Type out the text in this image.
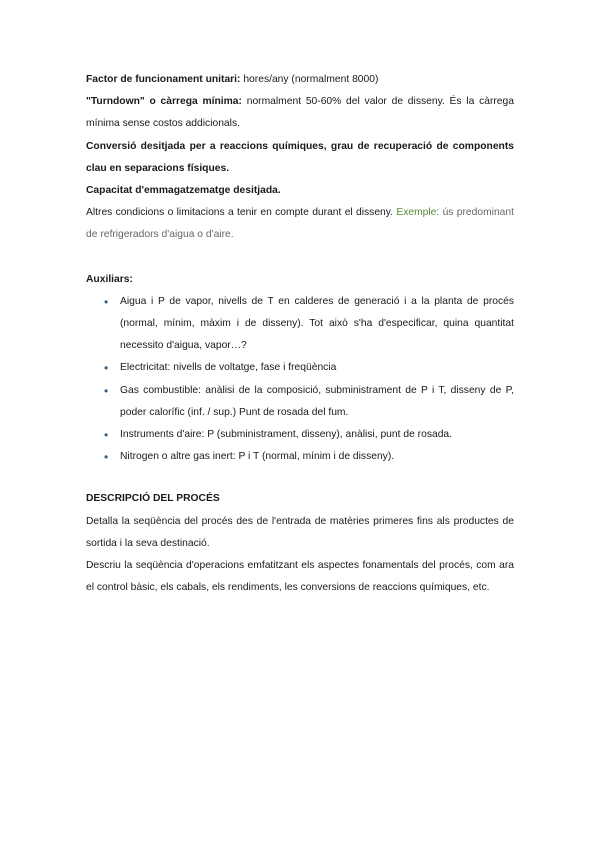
Factor de funcionament unitari: hores/any (normalment 8000)

"Turndown" o càrrega mínima: normalment 50-60% del valor de disseny. És la càrrega mínima sense costos addicionals.

Conversió desitjada per a reaccions químiques, grau de recuperació de components clau en separacions físiques.

Capacitat d'emmagatzematge desitjada.

Altres condicions o limitacions a tenir en compte durant el disseny. Exemple: ús predominant de refrigeradors d'aigua o d'aire.

Auxiliars:

• Aigua i P de vapor, nivells de T en calderes de generació i a la planta de procés (normal, mínim, màxim i de disseny). Tot això s'ha d'especificar, quina quantitat necessito d'aigua, vapor…?
• Electricitat: nivells de voltatge, fase i freqüència
• Gas combustible: anàlisi de la composició, subministrament de P i T, disseny de P, poder calorífic (inf. / sup.) Punt de rosada del fum.
• Instruments d'aire: P (subministrament, disseny), anàlisi, punt de rosada.
• Nitrogen o altre gas inert: P i T (normal, mínim i de disseny).

DESCRIPCIÓ DEL PROCÉS

Detalla la seqüència del procés des de l'entrada de matèries primeres fins als productes de sortida i la seva destinació.

Descriu la seqüència d'operacions emfatitzant els aspectes fonamentals del procés, com ara el control bàsic, els cabals, els rendiments, les conversions de reaccions químiques, etc.
